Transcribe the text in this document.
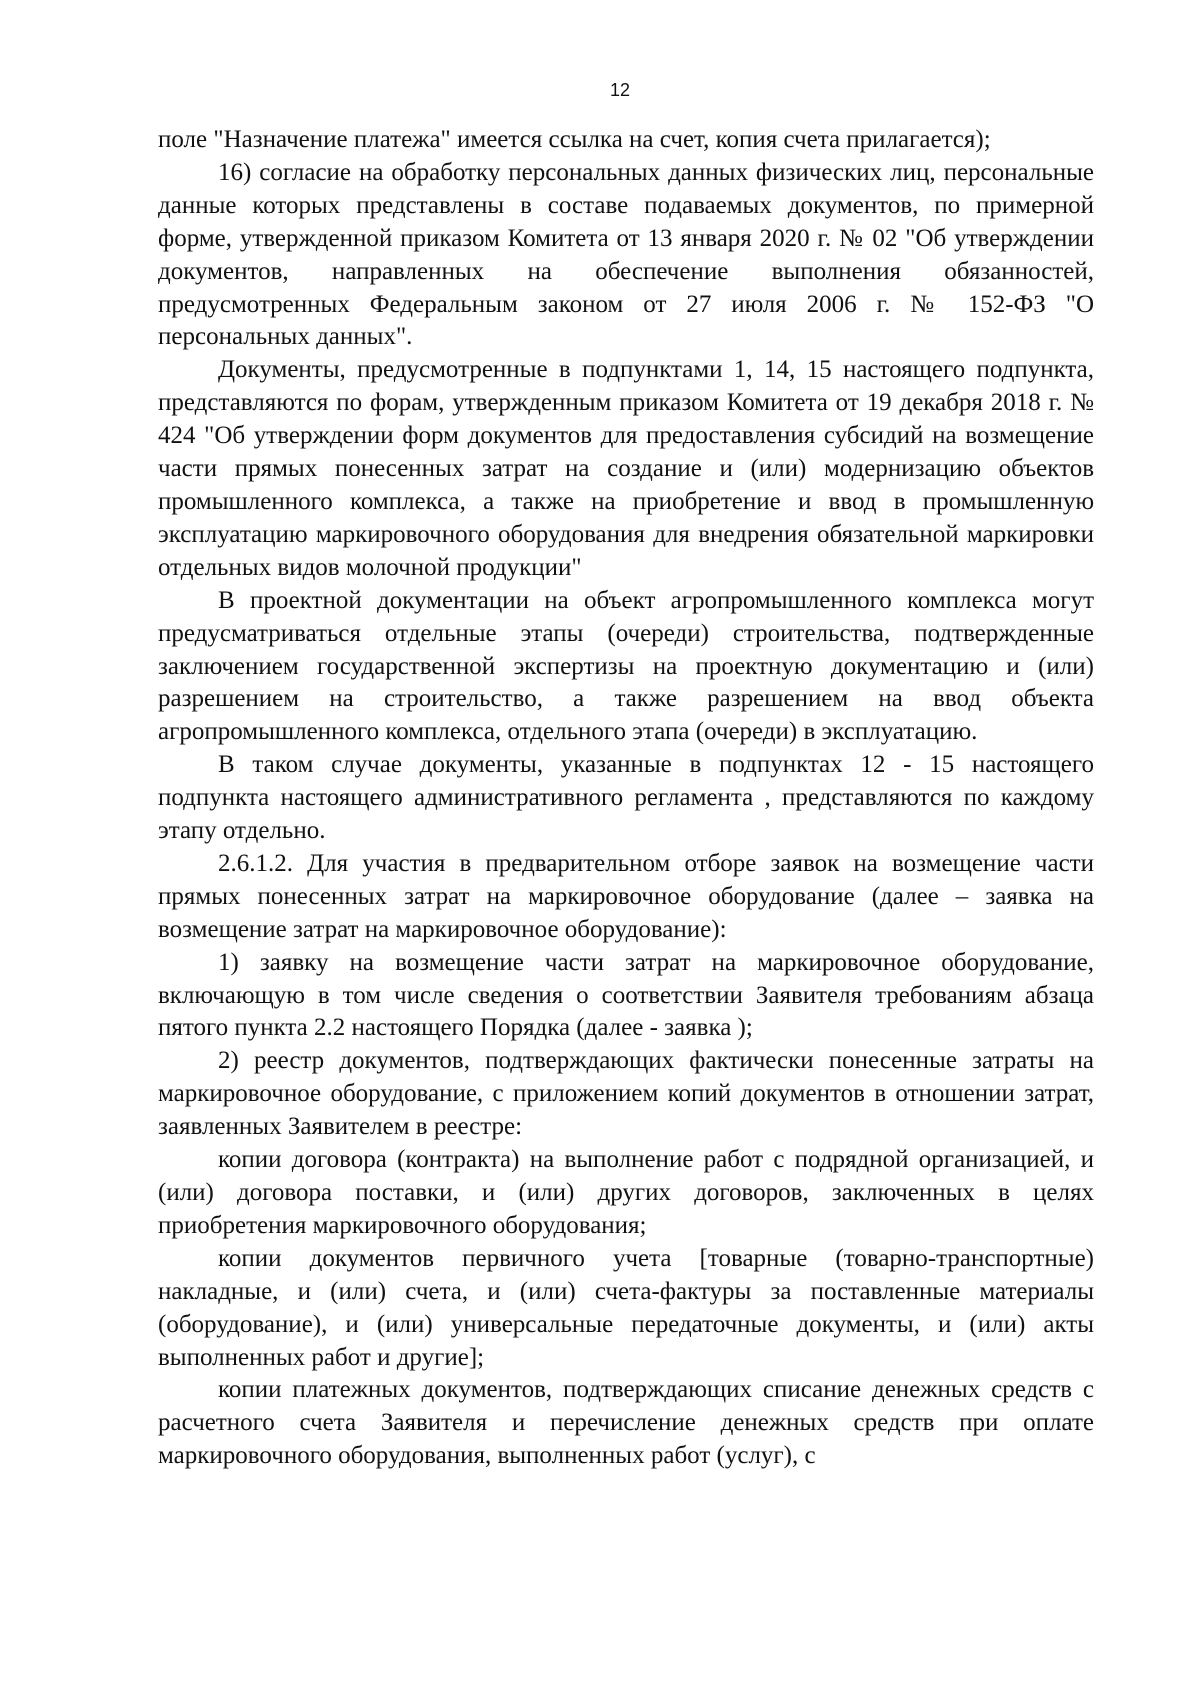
12

поле "Назначение платежа" имеется ссылка на счет, копия счета прилагается);

16) согласие на обработку персональных данных физических лиц, персональные данные которых представлены в составе подаваемых документов, по примерной форме, утвержденной приказом Комитета от 13 января 2020 г. № 02 "Об утверждении документов, направленных на обеспечение выполнения обязанностей, предусмотренных Федеральным законом от 27 июля 2006 г. № 152-ФЗ "О персональных данных".

Документы, предусмотренные в подпунктами 1, 14, 15 настоящего подпункта, представляются по форам, утвержденным приказом Комитета от 19 декабря 2018 г. № 424 "Об утверждении форм документов для предоставления субсидий на возмещение части прямых понесенных затрат на создание и (или) модернизацию объектов промышленного комплекса, а также на приобретение и ввод в промышленную эксплуатацию маркировочного оборудования для внедрения обязательной маркировки отдельных видов молочной продукции"

В проектной документации на объект агропромышленного комплекса могут предусматриваться отдельные этапы (очереди) строительства, подтвержденные заключением государственной экспертизы на проектную документацию и (или) разрешением на строительство, а также разрешением на ввод объекта агропромышленного комплекса, отдельного этапа (очереди) в эксплуатацию.

В таком случае документы, указанные в подпунктах 12 - 15 настоящего подпункта настоящего административного регламента , представляются по каждому этапу отдельно.

2.6.1.2. Для участия в предварительном отборе заявок на возмещение части прямых понесенных затрат на маркировочное оборудование (далее – заявка на возмещение затрат на маркировочное оборудование):

1) заявку на возмещение части затрат на маркировочное оборудование, включающую в том числе сведения о соответствии Заявителя требованиям абзаца пятого пункта 2.2 настоящего Порядка (далее - заявка );

2) реестр документов, подтверждающих фактически понесенные затраты на маркировочное оборудование, с приложением копий документов в отношении затрат, заявленных Заявителем в реестре:

копии договора (контракта) на выполнение работ с подрядной организацией, и (или) договора поставки, и (или) других договоров, заключенных в целях приобретения маркировочного оборудования;

копии документов первичного учета [товарные (товарно-транспортные) накладные, и (или) счета, и (или) счета-фактуры за поставленные материалы (оборудование), и (или) универсальные передаточные документы, и (или) акты выполненных работ и другие];

копии платежных документов, подтверждающих списание денежных средств с расчетного счета Заявителя и перечисление денежных средств при оплате маркировочного оборудования, выполненных работ (услуг), с
